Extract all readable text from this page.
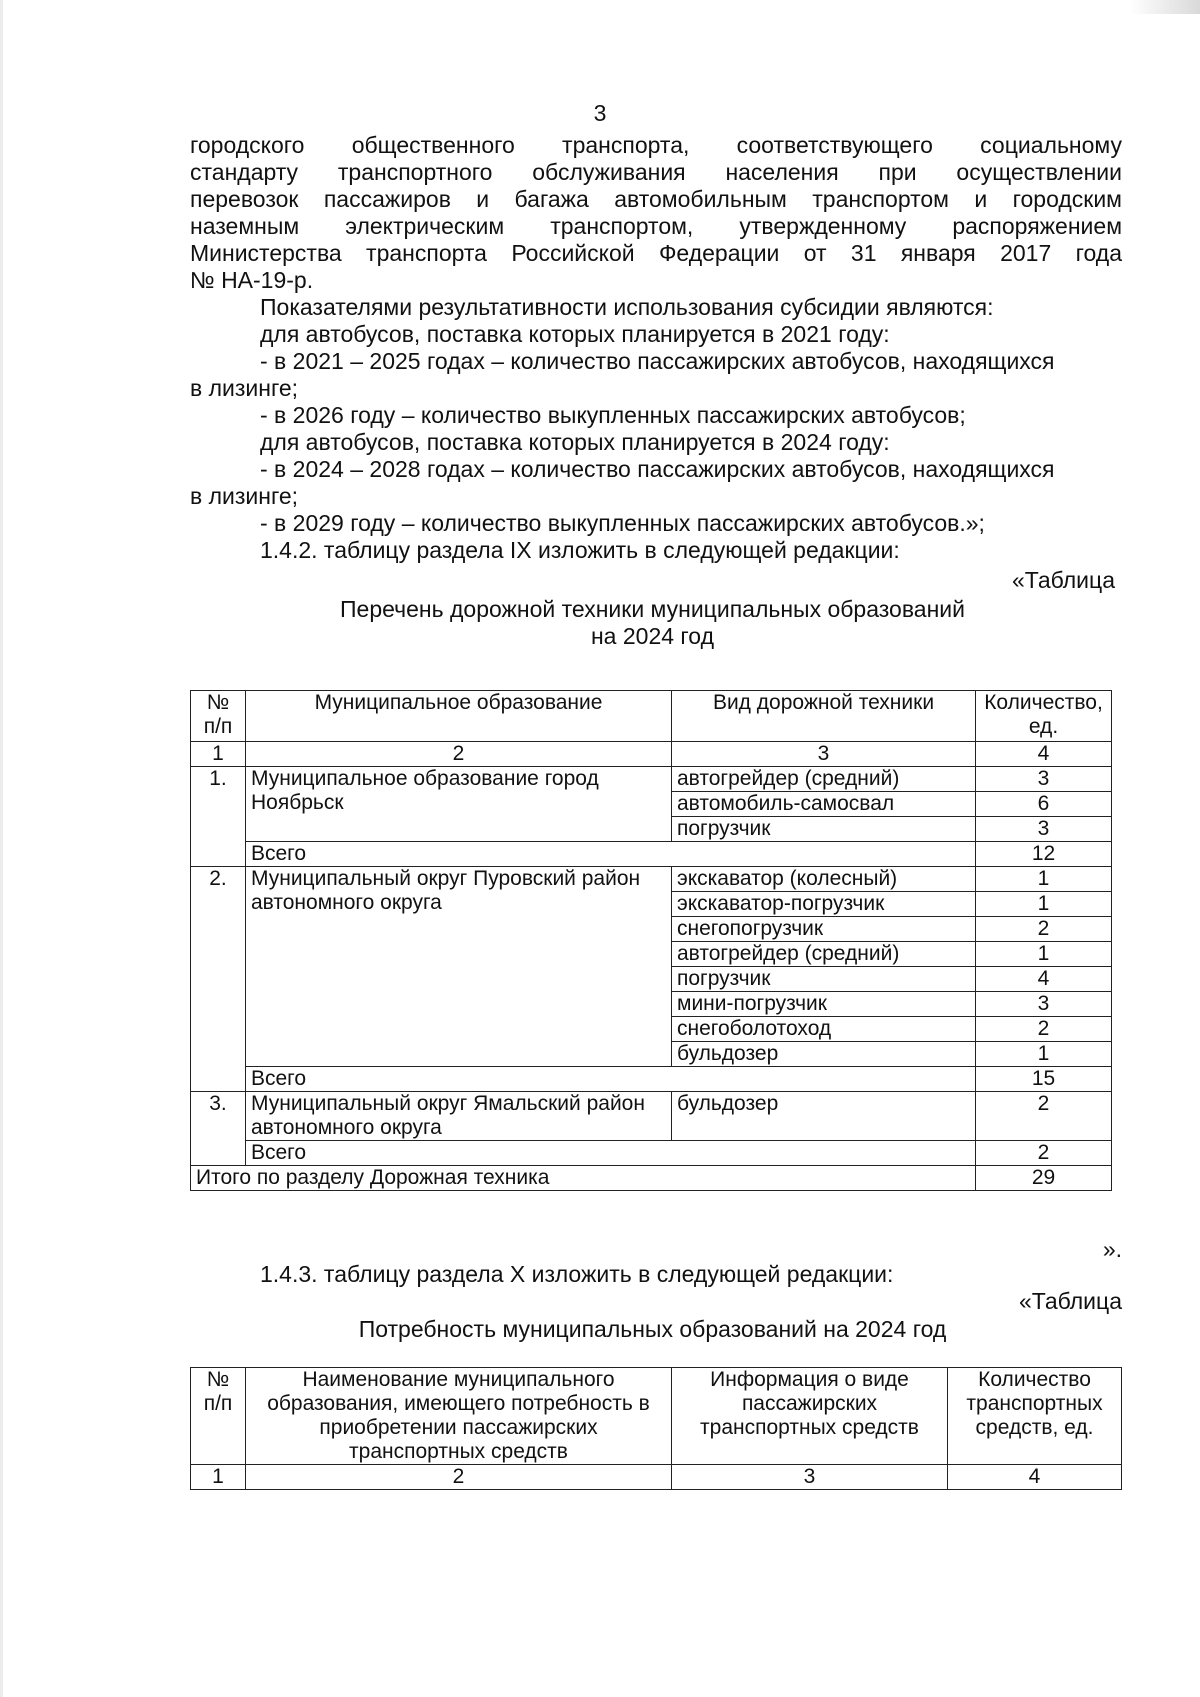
3
городского общественного транспорта, соответствующего социальному
стандарту транспортного обслуживания населения при осуществлении
перевозок пассажиров и багажа автомобильным транспортом и городским
наземным электрическим транспортом, утвержденному распоряжением
Министерства транспорта Российской Федерации от 31 января 2017 года
№ НА-19-р.
Показателями результативности использования субсидии являются:
для автобусов, поставка которых планируется в 2021 году:
- в 2021 – 2025 годах – количество пассажирских автобусов, находящихся
в лизинге;
- в 2026 году – количество выкупленных пассажирских автобусов;
для автобусов, поставка которых планируется в 2024 году:
- в 2024 – 2028 годах – количество пассажирских автобусов, находящихся
в лизинге;
- в 2029 году – количество выкупленных пассажирских автобусов.»;
1.4.2. таблицу раздела IX изложить в следующей редакции:
«Таблица
Перечень дорожной техники муниципальных образований
на 2024 год
№ п/п	Муниципальное образование	Вид дорожной техники	Количество, ед.
1	2	3	4
1.	Муниципальное образование город Ноябрьск	автогрейдер (средний)	3
		автомобиль-самосвал	6
		погрузчик	3
	Всего		12
2.	Муниципальный округ Пуровский район автономного округа	экскаватор (колесный)	1
		экскаватор-погрузчик	1
		снегопогрузчик	2
		автогрейдер (средний)	1
		погрузчик	4
		мини-погрузчик	3
		снегоболотоход	2
		бульдозер	1
	Всего		15
3.	Муниципальный округ Ямальский район автономного округа	бульдозер	2
	Всего		2
Итого по разделу Дорожная техника			29
».
1.4.3. таблицу раздела X изложить в следующей редакции:
«Таблица
Потребность муниципальных образований на 2024 год
№ п/п	Наименование муниципального образования, имеющего потребность в приобретении пассажирских транспортных средств	Информация о виде пассажирских транспортных средств	Количество транспортных средств, ед.
1	2	3	4
